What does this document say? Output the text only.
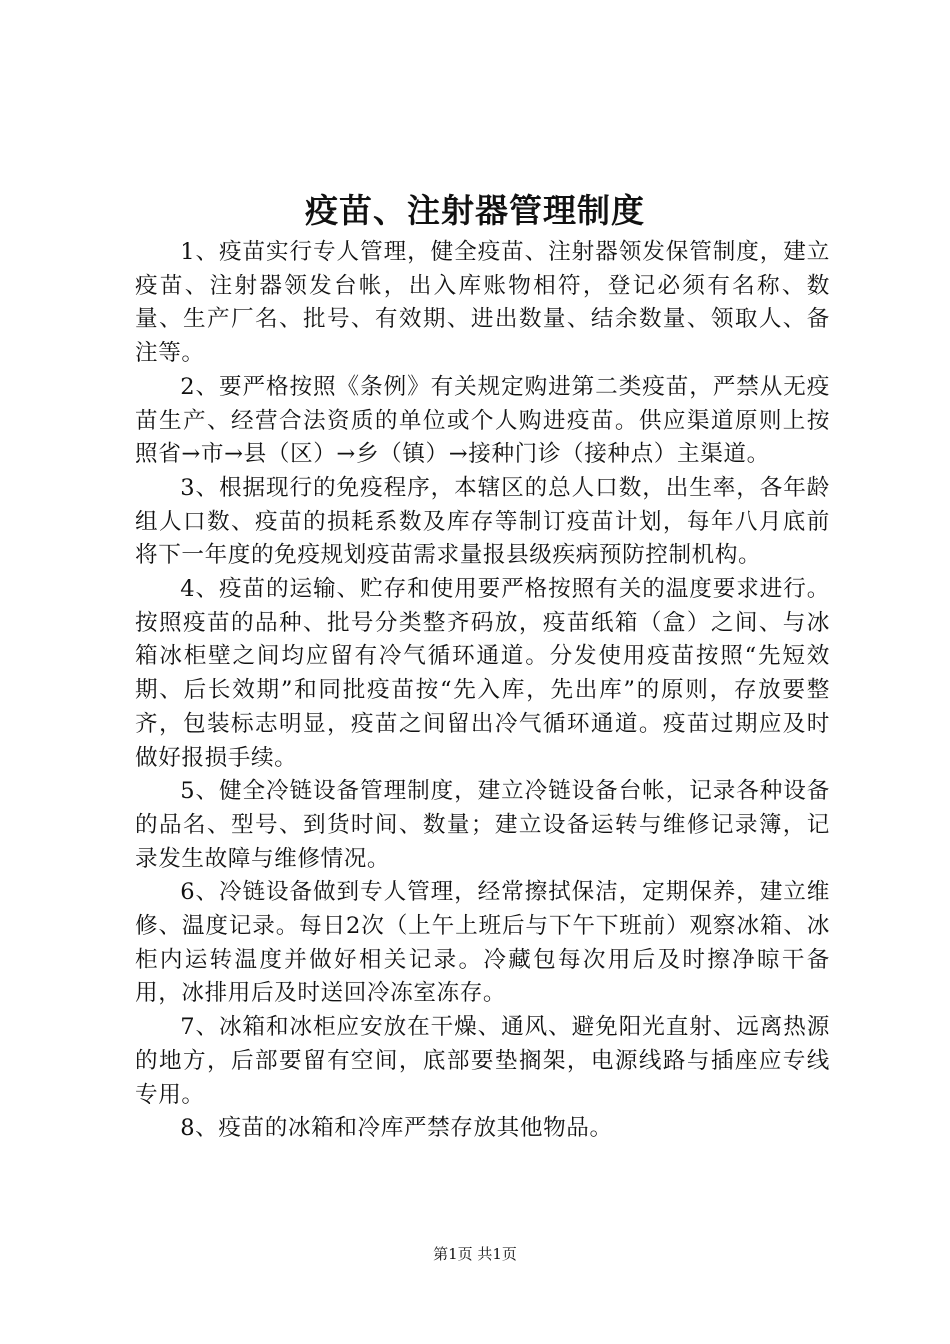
疫苗、注射器管理制度

1、疫苗实行专人管理，健全疫苗、注射器领发保管制度，建立疫苗、注射器领发台帐，出入库账物相符，登记必须有名称、数量、生产厂名、批号、有效期、进出数量、结余数量、领取人、备注等。

2、要严格按照《条例》有关规定购进第二类疫苗，严禁从无疫苗生产、经营合法资质的单位或个人购进疫苗。供应渠道原则上按照省→市→县（区）→乡（镇）→接种门诊（接种点）主渠道。

3、根据现行的免疫程序，本辖区的总人口数，出生率，各年龄组人口数、疫苗的损耗系数及库存等制订疫苗计划，每年八月底前将下一年度的免疫规划疫苗需求量报县级疾病预防控制机构。

4、疫苗的运输、贮存和使用要严格按照有关的温度要求进行。按照疫苗的品种、批号分类整齐码放，疫苗纸箱（盒）之间、与冰箱冰柜壁之间均应留有冷气循环通道。分发使用疫苗按照“先短效期、后长效期”和同批疫苗按“先入库，先出库”的原则，存放要整齐，包装标志明显，疫苗之间留出冷气循环通道。疫苗过期应及时做好报损手续。

5、健全冷链设备管理制度，建立冷链设备台帐，记录各种设备的品名、型号、到货时间、数量；建立设备运转与维修记录簿，记录发生故障与维修情况。

6、冷链设备做到专人管理，经常擦拭保洁，定期保养，建立维修、温度记录。每日2次（上午上班后与下午下班前）观察冰箱、冰柜内运转温度并做好相关记录。冷藏包每次用后及时擦净晾干备用，冰排用后及时送回冷冻室冻存。

7、冰箱和冰柜应安放在干燥、通风、避免阳光直射、远离热源的地方，后部要留有空间，底部要垫搁架，电源线路与插座应专线专用。

8、疫苗的冰箱和冷库严禁存放其他物品。

第1页 共1页
